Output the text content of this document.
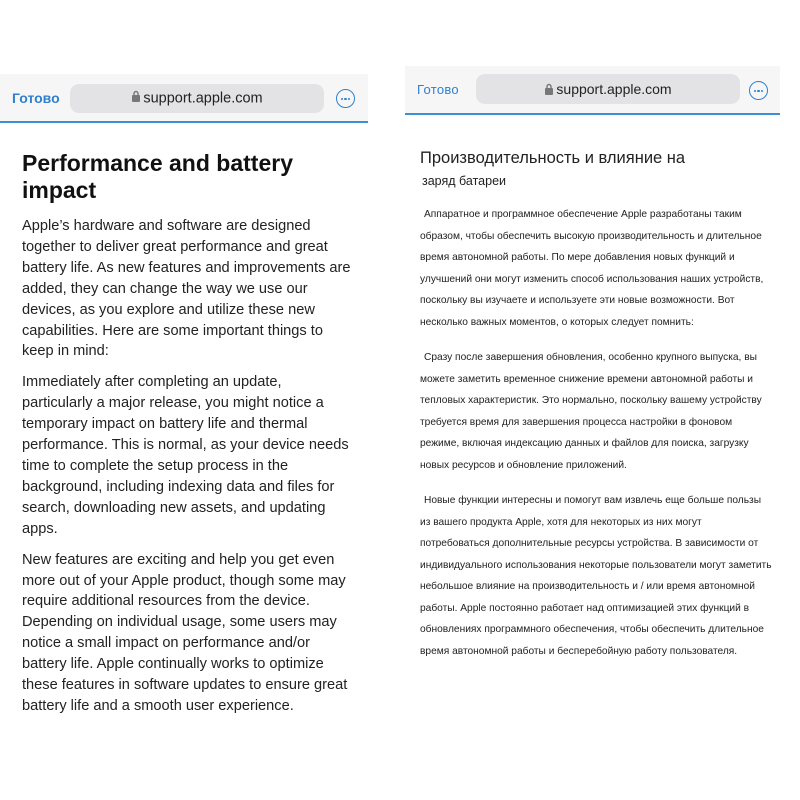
Готово	support.apple.com
Performance and battery impact

Apple’s hardware and software are designed together to deliver great performance and great battery life. As new features and improvements are added, they can change the way we use our devices, as you explore and utilize these new capabilities. Here are some important things to keep in mind:

Immediately after completing an update, particularly a major release, you might notice a temporary impact on battery life and thermal performance. This is normal, as your device needs time to complete the setup process in the background, including indexing data and files for search, downloading new assets, and updating apps.

New features are exciting and help you get even more out of your Apple product, though some may require additional resources from the device. Depending on individual usage, some users may notice a small impact on performance and/or battery life. Apple continually works to optimize these features in software updates to ensure great battery life and a smooth user experience.

Готово	support.apple.com
Производительность и влияние на
заряд батареи

Аппаратное и программное обеспечение Apple разработаны таким образом, чтобы обеспечить высокую производительность и длительное время автономной работы. По мере добавления новых функций и улучшений они могут изменить способ использования наших устройств, поскольку вы изучаете и используете эти новые возможности. Вот несколько важных моментов, о которых следует помнить:

Сразу после завершения обновления, особенно крупного выпуска, вы можете заметить временное снижение времени автономной работы и тепловых характеристик. Это нормально, поскольку вашему устройству требуется время для завершения процесса настройки в фоновом режиме, включая индексацию данных и файлов для поиска, загрузку новых ресурсов и обновление приложений.

Новые функции интересны и помогут вам извлечь еще больше пользы из вашего продукта Apple, хотя для некоторых из них могут потребоваться дополнительные ресурсы устройства. В зависимости от индивидуального использования некоторые пользователи могут заметить небольшое влияние на производительность и / или время автономной работы. Apple постоянно работает над оптимизацией этих функций в обновлениях программного обеспечения, чтобы обеспечить длительное время автономной работы и бесперебойную работу пользователя.
